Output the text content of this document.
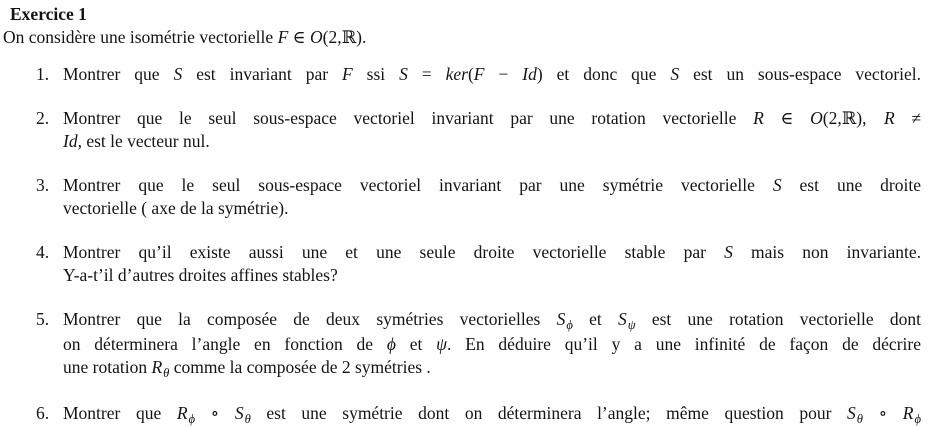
Exercice 1

On considère une isométrie vectorielle F ∈ O(2,ℝ).

1. Montrer que S est invariant par F ssi S = ker(F − Id) et donc que S est un sous-espace vectoriel.
2. Montrer que le seul sous-espace vectoriel invariant par une rotation vectorielle R ∈ O(2,ℝ),  R ≠
Id, est le vecteur nul.
3. Montrer que le seul sous-espace vectoriel invariant par une symétrie vectorielle S est une droite
vectorielle ( axe de la symétrie).
4. Montrer qu’il existe aussi une et une seule droite vectorielle stable par S mais non invariante.
Y-a-t’il d’autres droites affines stables?
5. Montrer que la composée de deux symétries vectorielles $S_\phi$ et $S_\psi$ est une rotation vectorielle dont
on déterminera l’angle en fonction de ϕ et ψ. En déduire qu’il y a une infinité de façon de décrire
une rotation $R_\theta$ comme la composée de 2 symétries .
6. Montrer que $R_\phi$ ∘ $S_\theta$ est une symétrie dont on déterminera l’angle; même question pour $S_\theta$ ∘ $R_\phi$
